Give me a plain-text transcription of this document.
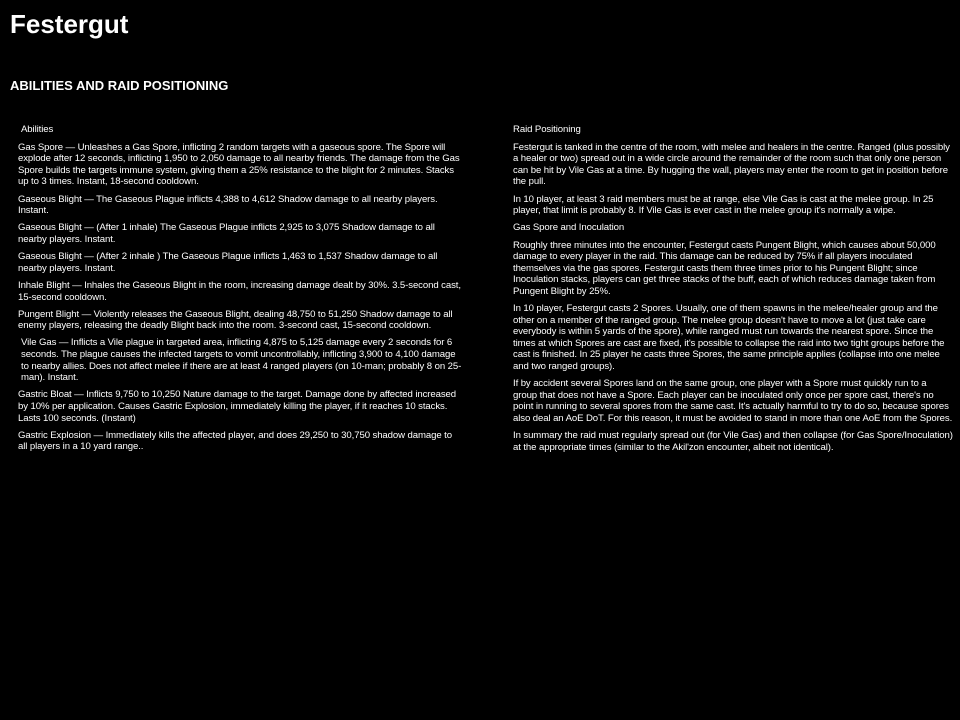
Festergut
ABILITIES AND RAID POSITIONING
Abilities

Gas Spore — Unleashes a Gas Spore, inflicting 2 random targets with a gaseous spore. The Spore will explode after 12 seconds, inflicting 1,950 to 2,050 damage to all nearby friends. The damage from the Gas Spore builds the targets immune system, giving them a 25% resistance to the blight for 2 minutes. Stacks up to 3 times. Instant, 18-second cooldown.

Gaseous Blight — The Gaseous Plague inflicts 4,388 to 4,612 Shadow damage to all nearby players. Instant.

Gaseous Blight — (After 1 inhale) The Gaseous Plague inflicts 2,925 to 3,075 Shadow damage to all nearby players. Instant.

Gaseous Blight — (After 2 inhale ) The Gaseous Plague inflicts 1,463 to 1,537 Shadow damage to all nearby players. Instant.

Inhale Blight — Inhales the Gaseous Blight in the room, increasing damage dealt by 30%. 3.5-second cast, 15-second cooldown.

Pungent Blight — Violently releases the Gaseous Blight, dealing 48,750 to 51,250 Shadow damage to all enemy players, releasing the deadly Blight back into the room. 3-second cast, 15-second cooldown.

Vile Gas — Inflicts a Vile plague in targeted area, inflicting 4,875 to 5,125 damage every 2 seconds for 6 seconds. The plague causes the infected targets to vomit uncontrollably, inflicting 3,900 to 4,100 damage to nearby allies. Does not affect melee if there are at least 4 ranged players (on 10-man; probably 8 on 25-man). Instant.

Gastric Bloat — Inflicts 9,750 to 10,250 Nature damage to the target. Damage done by affected increased by 10% per application. Causes Gastric Explosion, immediately killing the player, if it reaches 10 stacks. Lasts 100 seconds. (Instant)

Gastric Explosion — Immediately kills the affected player, and does 29,250 to 30,750 shadow damage to all players in a 10 yard range..

Raid Positioning

Festergut is tanked in the centre of the room, with melee and healers in the centre. Ranged (plus possibly a healer or two) spread out in a wide circle around the remainder of the room such that only one person can be hit by Vile Gas at a time. By hugging the wall, players may enter the room to get in position before the pull.

In 10 player, at least 3 raid members must be at range, else Vile Gas is cast at the melee group. In 25 player, that limit is probably 8. If Vile Gas is ever cast in the melee group it's normally a wipe.

Gas Spore and Inoculation

Roughly three minutes into the encounter, Festergut casts Pungent Blight, which causes about 50,000 damage to every player in the raid. This damage can be reduced by 75% if all players inoculated themselves via the gas spores. Festergut casts them three times prior to his Pungent Blight; since Inoculation stacks, players can get three stacks of the buff, each of which reduces damage taken from Pungent Blight by 25%.

In 10 player, Festergut casts 2 Spores. Usually, one of them spawns in the melee/healer group and the other on a member of the ranged group. The melee group doesn't have to move a lot (just take care everybody is within 5 yards of the spore), while ranged must run towards the nearest spore. Since the times at which Spores are cast are fixed, it's possible to collapse the raid into two tight groups before the cast is finished. In 25 player he casts three Spores, the same principle applies (collapse into one melee and two ranged groups).

If by accident several Spores land on the same group, one player with a Spore must quickly run to a group that does not have a Spore. Each player can be inoculated only once per spore cast, there's no point in running to several spores from the same cast. It's actually harmful to try to do so, because spores also deal an AoE DoT. For this reason, it must be avoided to stand in more than one AoE from the Spores.

In summary the raid must regularly spread out (for Vile Gas) and then collapse (for Gas Spore/Inoculation) at the appropriate times (similar to the Akil'zon encounter, albeit not identical).
